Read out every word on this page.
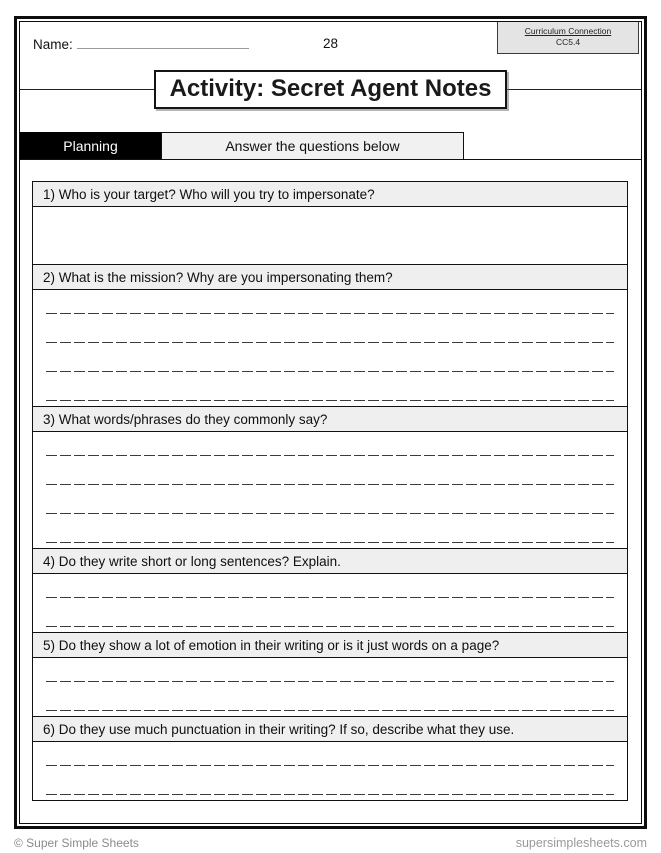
Name:	28
Curriculum Connection
CC5.4
Activity: Secret Agent Notes
Planning	Answer the questions below
1) Who is your target? Who will you try to impersonate?
2) What is the mission? Why are you impersonating them?
3) What words/phrases do they commonly say?
4) Do they write short or long sentences? Explain.
5) Do they show a lot of emotion in their writing or is it just words on a page?
6) Do they use much punctuation in their writing? If so, describe what they use.
© Super Simple Sheets	supersimplesheets.com
